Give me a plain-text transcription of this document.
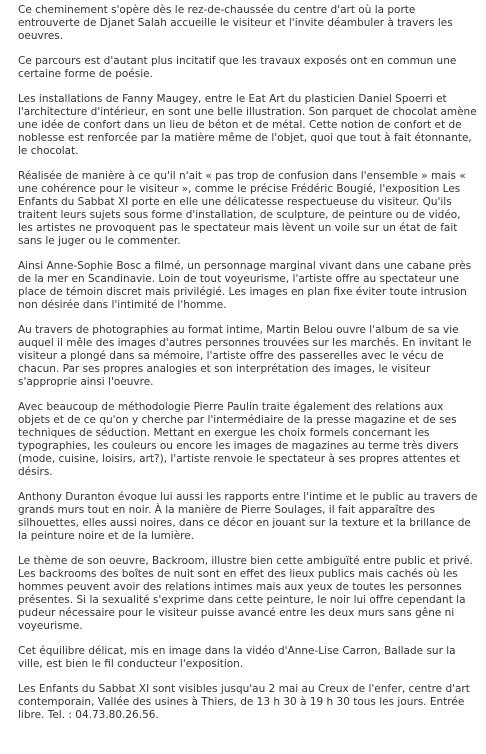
Ce cheminement s'opère dès le rez-de-chaussée du centre d'art où la porte entrouverte de Djanet Salah accueille le visiteur et l'invite déambuler à travers les oeuvres.

Ce parcours est d'autant plus incitatif que les travaux exposés ont en commun une certaine forme de poésie.

Les installations de Fanny Maugey, entre le Eat Art du plasticien Daniel Spoerri et l'architecture d'intérieur, en sont une belle illustration. Son parquet de chocolat amène une idée de confort dans un lieu de béton et de métal. Cette notion de confort et de noblesse est renforcée par la matière même de l'objet, quoi que tout à fait étonnante, le chocolat.

Réalisée de manière à ce qu'il n'ait « pas trop de confusion dans l'ensemble » mais « une cohérence pour le visiteur », comme le précise Frédéric Bougié, l'exposition Les Enfants du Sabbat XI porte en elle une délicatesse respectueuse du visiteur. Qu'ils traitent leurs sujets sous forme d'installation, de sculpture, de peinture ou de vidéo, les artistes ne provoquent pas le spectateur mais lèvent un voile sur un état de fait sans le juger ou le commenter.

Ainsi Anne-Sophie Bosc a filmé, un personnage marginal vivant dans une cabane près de la mer en Scandinavie. Loin de tout voyeurisme, l'artiste offre au spectateur une place de témoin discret mais privilégié. Les images en plan fixe éviter toute intrusion non désirée dans l'intimité de l'homme.

Au travers de photographies au format intime, Martin Belou ouvre l'album de sa vie auquel il mêle des images d'autres personnes trouvées sur les marchés. En invitant le visiteur a plongé dans sa mémoire, l'artiste offre des passerelles avec le vécu de chacun. Par ses propres analogies et son interprétation des images, le visiteur s'approprie ainsi l'oeuvre.

Avec beaucoup de méthodologie Pierre Paulin traite également des relations aux objets et de ce qu'on y cherche par l'intermédiaire de la presse magazine et de ses techniques de séduction. Mettant en exergue les choix formels concernant les typographies, les couleurs ou encore les images de magazines au terme très divers (mode, cuisine, loisirs, art?), l'artiste renvoie le spectateur à ses propres attentes et désirs.

Anthony Duranton évoque lui aussi les rapports entre l'intime et le public au travers de grands murs tout en noir. À la manière de Pierre Soulages, il fait apparaître des silhouettes, elles aussi noires, dans ce décor en jouant sur la texture et la brillance de la peinture noire et de la lumière.

Le thème de son oeuvre, Backroom, illustre bien cette ambiguïté entre public et privé. Les backrooms des boîtes de nuit sont en effet des lieux publics mais cachés où les hommes peuvent avoir des relations intimes mais aux yeux de toutes les personnes présentes. Si la sexualité s'exprime dans cette peinture, le noir lui offre cependant la pudeur nécessaire pour le visiteur puisse avancé entre les deux murs sans gêne ni voyeurisme.

Cet équilibre délicat, mis en image dans la vidéo d'Anne-Lise Carron, Ballade sur la ville, est bien le fil conducteur l'exposition.

Les Enfants du Sabbat XI sont visibles jusqu'au 2 mai au Creux de l'enfer, centre d'art contemporain, Vallée des usines à Thiers, de 13 h 30 à 19 h 30 tous les jours. Entrée libre. Tel. : 04.73.80.26.56.
